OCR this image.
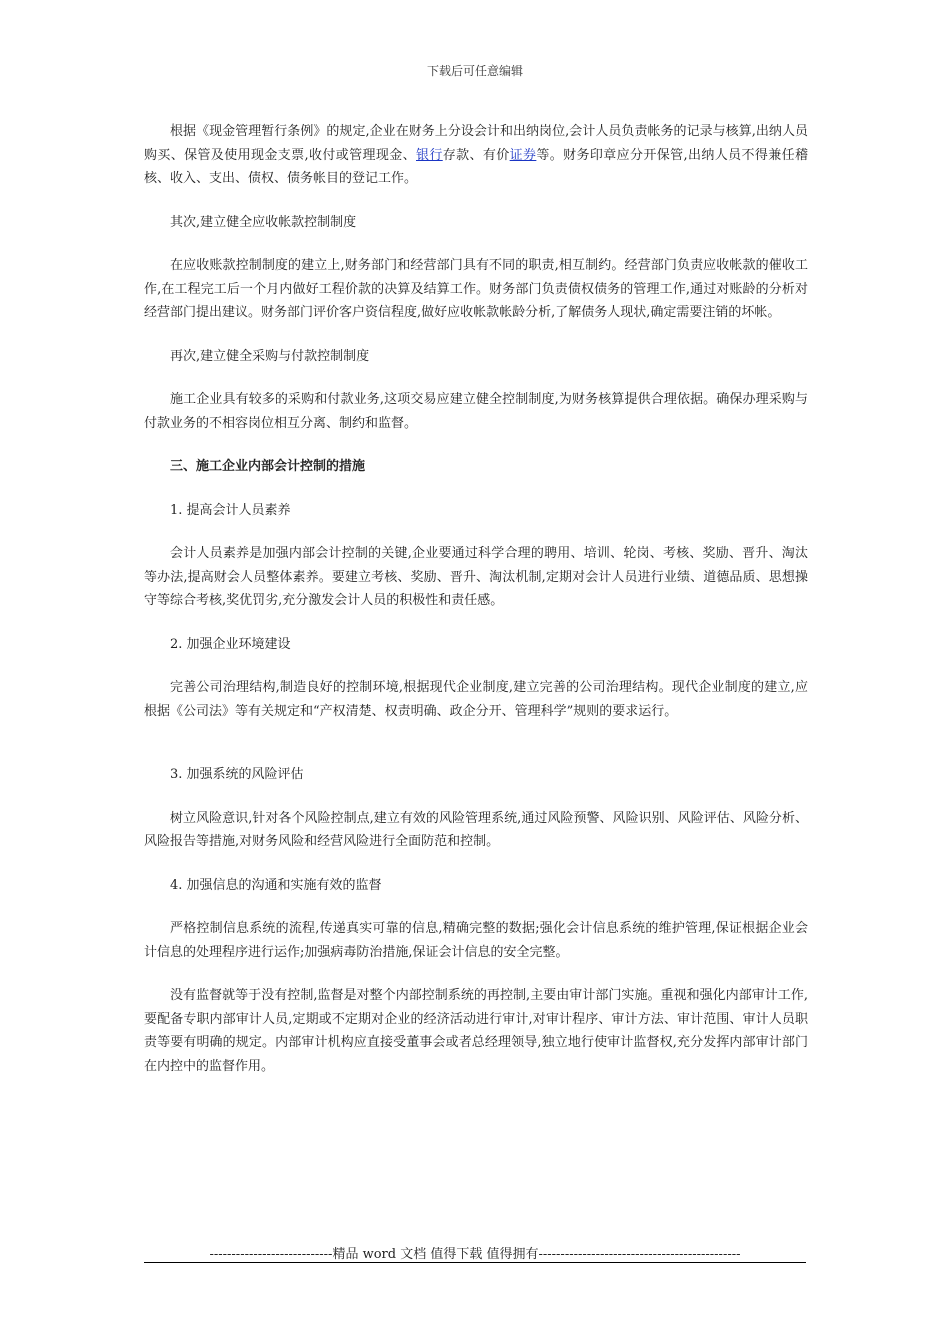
下载后可任意编辑

根据《现金管理暂行条例》的规定,企业在财务上分设会计和出纳岗位,会计人员负责帐务的记录与核算,出纳人员购买、保管及使用现金支票,收付或管理现金、银行存款、有价证券等。财务印章应分开保管,出纳人员不得兼任稽核、收入、支出、债权、债务帐目的登记工作。

其次,建立健全应收帐款控制制度

在应收账款控制制度的建立上,财务部门和经营部门具有不同的职责,相互制约。经营部门负责应收帐款的催收工作,在工程完工后一个月内做好工程价款的决算及结算工作。财务部门负责债权债务的管理工作,通过对账龄的分析对经营部门提出建议。财务部门评价客户资信程度,做好应收帐款帐龄分析,了解债务人现状,确定需要注销的坏帐。

再次,建立健全采购与付款控制制度

施工企业具有较多的采购和付款业务,这项交易应建立健全控制制度,为财务核算提供合理依据。确保办理采购与付款业务的不相容岗位相互分离、制约和监督。

三、施工企业内部会计控制的措施

1. 提高会计人员素养

会计人员素养是加强内部会计控制的关键,企业要通过科学合理的聘用、培训、轮岗、考核、奖励、晋升、淘汰等办法,提高财会人员整体素养。要建立考核、奖励、晋升、淘汰机制,定期对会计人员进行业绩、道德品质、思想操守等综合考核,奖优罚劣,充分激发会计人员的积极性和责任感。

2. 加强企业环境建设

完善公司治理结构,制造良好的控制环境,根据现代企业制度,建立完善的公司治理结构。现代企业制度的建立,应根据《公司法》等有关规定和“产权清楚、权责明确、政企分开、管理科学”规则的要求运行。

3. 加强系统的风险评估

树立风险意识,针对各个风险控制点,建立有效的风险管理系统,通过风险预警、风险识别、风险评估、风险分析、风险报告等措施,对财务风险和经营风险进行全面防范和控制。

4. 加强信息的沟通和实施有效的监督

严格控制信息系统的流程,传递真实可靠的信息,精确完整的数据;强化会计信息系统的维护管理,保证根据企业会计信息的处理程序进行运作;加强病毒防治措施,保证会计信息的安全完整。

没有监督就等于没有控制,监督是对整个内部控制系统的再控制,主要由审计部门实施。重视和强化内部审计工作,要配备专职内部审计人员,定期或不定期对企业的经济活动进行审计,对审计程序、审计方法、审计范围、审计人员职责等要有明确的规定。内部审计机构应直接受董事会或者总经理领导,独立地行使审计监督权,充分发挥内部审计部门在内控中的监督作用。

----------------------------精品 word 文档 值得下载 值得拥有----------------------------------------------
